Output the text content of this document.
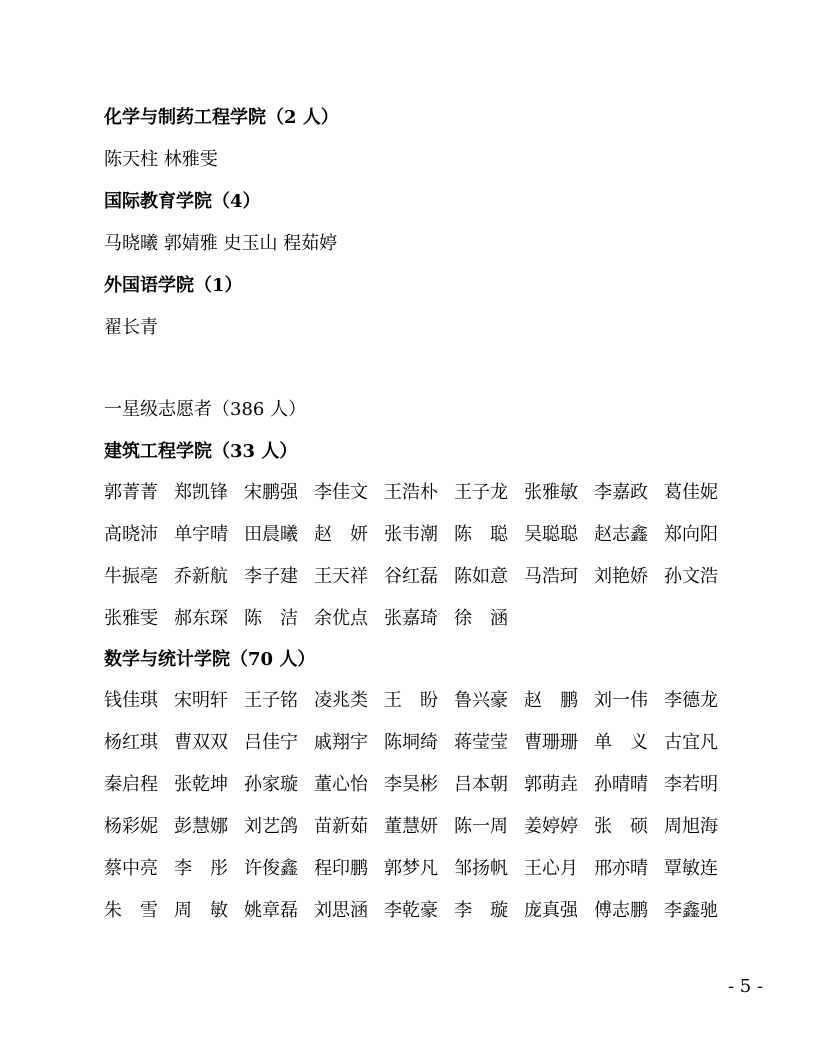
化学与制药工程学院（2 人）
陈天柱 林雅雯
国际教育学院（4）
马晓曦 郭婧雅 史玉山 程茹婷
外国语学院（1）
翟长青
一星级志愿者（386 人）
建筑工程学院（33 人）
郭菁菁 郑凯锋 宋鹏强 李佳文 王浩朴 王子龙 张雅敏 李嘉政 葛佳妮
高晓沛 单宇晴 田晨曦 赵　妍 张韦潮 陈　聪 吴聪聪 赵志鑫 郑向阳
牛振亳 乔新航 李子建 王天祥 谷红磊 陈如意 马浩珂 刘艳娇 孙文浩
张雅雯 郝东琛 陈　洁 余优点 张嘉琦 徐　涵
数学与统计学院（70 人）
钱佳琪 宋明轩 王子铭 凌兆类 王　盼 鲁兴豪 赵　鹏 刘一伟 李德龙
杨红琪 曹双双 吕佳宁 戚翔宇 陈垌绮 蒋莹莹 曹珊珊 单　义 古宜凡
秦启程 张乾坤 孙家璇 董心怡 李昊彬 吕本朝 郭萌垚 孙晴晴 李若明
杨彩妮 彭慧娜 刘艺鸽 苗新茹 董慧妍 陈一周 姜婷婷 张　硕 周旭海
蔡中亮 李　彤 许俊鑫 程印鹏 郭梦凡 邹扬帆 王心月 邢亦晴 覃敏连
朱　雪 周　敏 姚章磊 刘思涵 李乾豪 李　璇 庞真强 傅志鹏 李鑫驰
- 5 -
